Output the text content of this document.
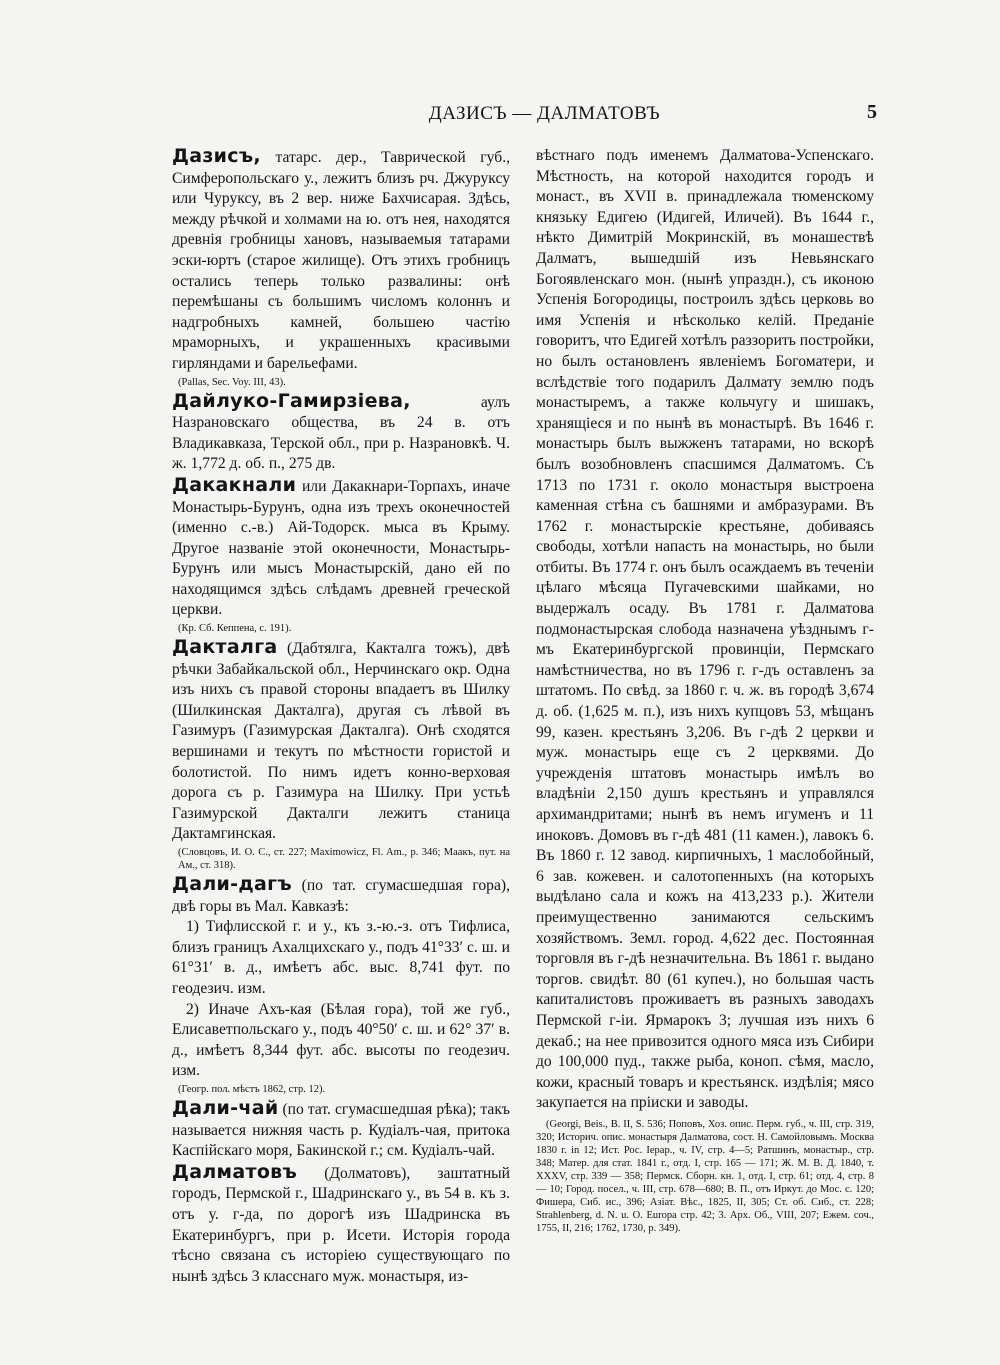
ДАЗИСЪ — ДАЛМАТОВЪ	5

Дазисъ, татарс. дер., Таврической губ., Симферопольскаго у., лежитъ близъ рч. Джуруксу или Чуруксу, въ 2 вер. ниже Бахчисарая. Здѣсь, между рѣчкой и холмами на ю. отъ нея, находятся древнія гробницы хановъ, называемыя татарами эски-юртъ (старое жилище). Отъ этихъ гробницъ остались теперь только развалины: онѣ перемѣшаны съ большимъ числомъ колоннъ и надгробныхъ камней, большею частію мраморныхъ, и украшенныхъ красивыми гирляндами и барельефами.

(Pallas, Sec. Voy. III, 43).

Дайлуко-Гамирзіева, аулъ Назрановскаго общества, въ 24 в. отъ Владикавказа, Терской обл., при р. Назрановкѣ. Ч. ж. 1,772 д. об. п., 275 дв.

Дакакнали или Дакакнари-Торпахъ, иначе Монастырь-Бурунъ, одна изъ трехъ оконечностей (именно с.-в.) Ай-Тодорск. мыса въ Крыму. Другое названіе этой оконечности, Монастырь-Бурунъ или мысъ Монастырскій, дано ей по находящимся здѣсь слѣдамъ древней греческой церкви.

(Кр. Сб. Кеппена, с. 191).

Дакталга (Дабтялга, Какталга тожъ), двѣ рѣчки Забайкальской обл., Нерчинскаго окр. Одна изъ нихъ съ правой стороны впадаетъ въ Шилку (Шилкинская Дакталга), другая съ лѣвой въ Газимуръ (Газимурская Дакталга). Онѣ сходятся вершинами и текутъ по мѣстности гористой и болотистой. По нимъ идетъ конно-верховая дорога съ р. Газимура на Шилку. При устьѣ Газимурской Дакталги лежитъ станица Дактамгинская.

(Словцовъ, И. О. С., ст. 227; Maximowicz, Fl. Am., p. 346; Маакъ, пут. на Ам., ст. 318).

Дали-дагъ (по тат. сгумасшедшая гора), двѣ горы въ Мал. Кавказѣ:

1) Тифлисской г. и у., къ з.-ю.-з. отъ Тифлиса, близъ границъ Ахалцихскаго у., подъ 41°33′ с. ш. и 61°31′ в. д., имѣетъ абс. выс. 8,741 фут. по геодезич. изм.

2) Иначе Ахъ-кая (Бѣлая гора), той же губ., Елисаветпольскаго у., подъ 40°50′ с. ш. и 62° 37′ в. д., имѣетъ 8,344 фут. абс. высоты по геодезич. изм.

(Геогр. пол. мѣстъ 1862, стр. 12).

Дали-чай (по тат. сгумасшедшая рѣка); такъ называется нижняя часть р. Кудіалъ-чая, притока Каспійскаго моря, Бакинской г.; см. Кудіалъ-чай.

Далматовъ (Долматовъ), заштатный городъ, Пермской г., Шадринскаго у., въ 54 в. къ з. отъ у. г-да, по дорогѣ изъ Шадринска въ Екатеринбургъ, при р. Исети. Исторія города тѣсно связана съ исторіею существующаго по нынѣ здѣсь 3 класснаго муж. монастыря, из-

вѣстнаго подъ именемъ Далматова-Успенскаго. Мѣстность, на которой находится городъ и монаст., въ XVII в. принадлежала тюменскому князьку Едигею (Идигей, Иличей). Въ 1644 г., нѣкто Димитрій Мокринскій, въ монашествѣ Далматъ, вышедшій изъ Невьянскаго Богоявленскаго мон. (нынѣ упраздн.), съ иконою Успенія Богородицы, построилъ здѣсь церковь во имя Успенія и нѣсколько келій. Преданіе говоритъ, что Едигей хотѣлъ раззорить постройки, но былъ остановленъ явленіемъ Богоматери, и вслѣдствіе того подарилъ Далмату землю подъ монастыремъ, а также кольчугу и шишакъ, хранящіеся и по нынѣ въ монастырѣ. Въ 1646 г. монастырь былъ выжженъ татарами, но вскорѣ былъ возобновленъ спасшимся Далматомъ. Съ 1713 по 1731 г. около монастыря выстроена каменная стѣна съ башнями и амбразурами. Въ 1762 г. монастырскіе крестьяне, добиваясь свободы, хотѣли напасть на монастырь, но были отбиты. Въ 1774 г. онъ былъ осаждаемъ въ теченіи цѣлаго мѣсяца Пугачевскими шайками, но выдержалъ осаду. Въ 1781 г. Далматова подмонастырская слобода назначена уѣзднымъ г-мъ Екатеринбургской провинціи, Пермскаго намѣстничества, но въ 1796 г. г-дъ оставленъ за штатомъ. По свѣд. за 1860 г. ч. ж. въ городѣ 3,674 д. об. (1,625 м. п.), изъ нихъ купцовъ 53, мѣщанъ 99, казен. крестьянъ 3,206. Въ г-дѣ 2 церкви и муж. монастырь еще съ 2 церквями. До учрежденія штатовъ монастырь имѣлъ во владѣніи 2,150 душъ крестьянъ и управлялся архимандритами; нынѣ въ немъ игуменъ и 11 иноковъ. Домовъ въ г-дѣ 481 (11 камен.), лавокъ 6. Въ 1860 г. 12 завод. кирпичныхъ, 1 маслобойный, 6 зав. кожевен. и салотопенныхъ (на которыхъ выдѣлано сала и кожъ на 413,233 р.). Жители преимущественно занимаются сельскимъ хозяйствомъ. Земл. город. 4,622 дес. Постоянная торговля въ г-дѣ незначительна. Въ 1861 г. выдано торгов. свидѣт. 80 (61 купеч.), но большая часть капиталистовъ проживаетъ въ разныхъ заводахъ Пермской г-іи. Ярмарокъ 3; лучшая изъ нихъ 6 декаб.; на нее привозится одного мяса изъ Сибири до 100,000 пуд., также рыба, коноп. сѣмя, масло, кожи, красный товаръ и крестьянск. издѣлія; мясо закупается на пріиски и заводы.

(Georgi, Beis., B. II, S. 536; Поповъ, Хоз. опис. Перм. губ., ч. III, стр. 319, 320; Историч. опис. монастыря Далматова, сост. Н. Самойловымъ. Москва 1830 г. in 12; Ист. Рос. Іерар., ч. IV, стр. 4—5; Ратшинъ, монастыр., стр. 348; Матер. для стат. 1841 г., отд. I, стр. 165 — 171; Ж. М. В. Д. 1840, т. XXXV, стр. 339 — 358; Пермск. Сборн. кн. 1, отд. I, стр. 61; отд. 4, стр. 8 — 10; Город. посел., ч. III, стр. 678—680; В. П., отъ Иркут. до Мос. с. 120; Фишера, Сиб. ис., 396; Азіат. Вѣс., 1825, II, 305; Ст. об. Сиб., ст. 228; Strahlenberg, d. N. u. O. Europa стр. 42; 3. Арх. Об., VIII, 207; Ежем. соч., 1755, II, 216; 1762, 1730, р. 349).
